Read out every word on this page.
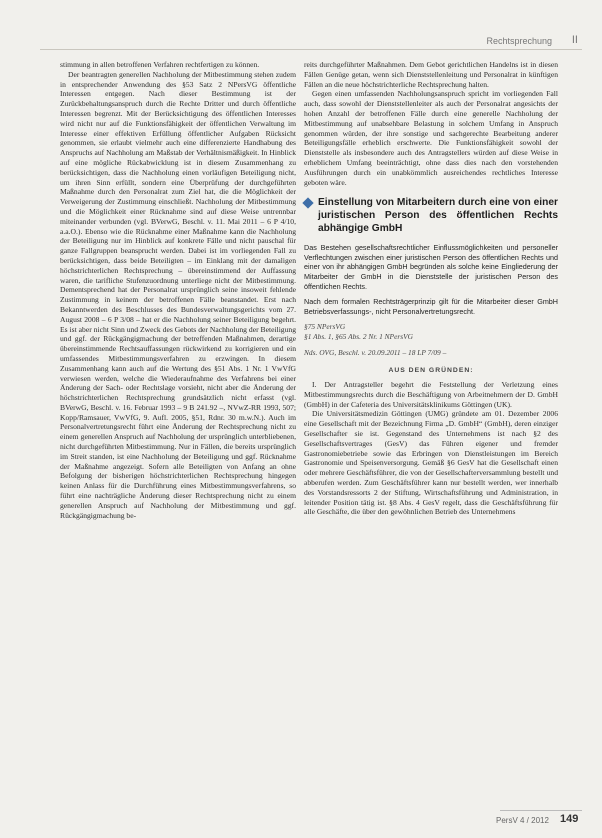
Rechtsprechung II

stimmung in allen betroffenen Verfahren rechtfertigen zu können.

Der beantragten generellen Nachholung der Mitbestimmung stehen zudem in entsprechender Anwendung des §53 Satz 2 NPersVG öffentliche Interessen entgegen. Nach dieser Bestimmung ist der Zurückbehaltungsanspruch durch die Rechte Dritter und durch öffentliche Interessen begrenzt. Mit der Berücksichtigung des öffentlichen Interesses wird nicht nur auf die Funktionsfähigkeit der öffentlichen Verwaltung im Interesse einer effektiven Erfüllung öffentlicher Aufgaben Rücksicht genommen, sie erlaubt vielmehr auch eine differenzierte Handhabung des Anspruchs auf Nachholung am Maßstab der Verhältnismäßigkeit. In Hinblick auf eine mögliche Rückabwicklung ist in diesem Zusammenhang zu berücksichtigen, dass die Nachholung einen vorläufigen Beteiligung nicht, um ihren Sinn erfüllt, sondern eine Überprüfung der durchgeführten Maßnahme durch den Personalrat zum Ziel hat, die die Möglichkeit der Verweigerung der Zustimmung einschließt. Nachholung der Mitbestimmung und die Möglichkeit einer Rücknahme sind auf diese Weise untrennbar miteinander verbunden (vgl. BVerwG, Beschl. v. 11. Mai 2011 – 6 P 4/10, a.a.O.). Ebenso wie die Rücknahme einer Maßnahme kann die Nachholung der Beteiligung nur im Hinblick auf konkrete Fälle und nicht pauschal für ganze Fallgruppen beansprucht werden. Dabei ist im vorliegenden Fall zu berücksichtigen, dass beide Beteiligten – im Einklang mit der damaligen höchstrichterlichen Rechtsprechung – übereinstimmend der Auffassung waren, die tarifliche Stufenzuordnung unterliege nicht der Mitbestimmung. Dementsprechend hat der Personalrat ursprünglich seine insoweit fehlende Zustimmung in keinem der betroffenen Fälle beanstandet. Erst nach Bekanntwerden des Beschlusses des Bundesverwaltungsgerichts vom 27. August 2008 – 6 P 3/08 – hat er die Nachholung seiner Beteiligung begehrt. Es ist aber nicht Sinn und Zweck des Gebots der Nachholung der Beteiligung und ggf. der Rückgängigmachung der betreffenden Maßnahmen, derartige übereinstimmende Rechtsauffassungen rückwirkend zu korrigieren und ein umfassendes Mitbestimmungsverfahren zu erzwingen. In diesem Zusammenhang kann auch auf die Wertung des §51 Abs. 1 Nr. 1 VwVfG verwiesen werden, welche die Wiederaufnahme des Verfahrens bei einer Änderung der Sach- oder Rechtslage vorsieht, nicht aber die Änderung der höchstrichterlichen Rechtsprechung grundsätzlich nicht erfasst (vgl. BVerwG, Beschl. v. 16. Februar 1993 – 9 B 241.92 –, NVwZ-RR 1993, 507; Kopp/Ramsauer, VwVfG, 9. Aufl. 2005, §51, Rdnr. 30 m.w.N.). Auch im Personalvertretungsrecht führt eine Änderung der Rechtsprechung nicht zu einem generellen Anspruch auf Nachholung der ursprünglich unterbliebenen, nicht durchgeführten Mitbestimmung. Nur in Fällen, die bereits ursprünglich im Streit standen, ist eine Nachholung der Beteiligung und ggf. Rücknahme der Maßnahme angezeigt. Sofern alle Beteiligten von Anfang an ohne Befolgung der bisherigen höchstrichterlichen Rechtsprechung hingegen keinen Anlass für die Durchführung eines Mitbestimmungsverfahrens, so führt eine nachträgliche Änderung dieser Rechtsprechung nicht zu einem generellen Anspruch auf Nachholung der Mitbestimmung und ggf. Rückgängigmachung be-

reits durchgeführter Maßnahmen. Dem Gebot gerichtlichen Handelns ist in diesen Fällen Genüge getan, wenn sich Dienststellenleitung und Personalrat in künftigen Fällen an die neue höchstrichterliche Rechtsprechung halten.

Gegen einen umfassenden Nachholungsanspruch spricht im vorliegenden Fall auch, dass sowohl der Dienststellenleiter als auch der Personalrat angesichts der hohen Anzahl der betroffenen Fälle durch eine generelle Nachholung der Mitbestimmung auf unabsehbare Belastung in solchem Umfang in Anspruch genommen würden, der ihre sonstige und sachgerechte Bearbeitung anderer Beteiligungsfälle erheblich erschwerte. Die Funktionsfähigkeit sowohl der Dienststelle als insbesondere auch des Antragstellers würden auf diese Weise in erheblichem Umfang beeinträchtigt, ohne dass dies nach den vorstehenden Ausführungen durch ein unabkömmlich ausreichendes rechtliches Interesse geboten wäre.

Einstellung von Mitarbeitern durch eine von einer juristischen Person des öffentlichen Rechts abhängige GmbH

Das Bestehen gesellschaftsrechtlicher Einflussmöglichkeiten und personeller Verflechtungen zwischen einer juristischen Person des öffentlichen Rechts und einer von ihr abhängigen GmbH begründen als solche keine Eingliederung der Mitarbeiter der GmbH in die Dienststelle der juristischen Person des öffentlichen Rechts.

Nach dem formalen Rechtsträgerprinzip gilt für die Mitarbeiter dieser GmbH Betriebsverfassungs-, nicht Personalvertretungsrecht.

§75 NPersVG
§1 Abs. 1, §65 Abs. 2 Nr. 1 NPersVG
Nds. OVG, Beschl. v. 20.09.2011 – 18 LP 7/09 –
AUS DEN GRÜNDEN:

I. Der Antragsteller begehrt die Feststellung der Verletzung eines Mitbestimmungsrechts durch die Beschäftigung von Arbeitnehmern der D. GmbH (GmbH) in der Cafeteria des Universitätsklinikums Göttingen (UK).

Die Universitätsmedizin Göttingen (UMG) gründete am 01. Dezember 2006 eine Gesellschaft mit der Bezeichnung Firma „D. GmbH“ (GmbH), deren einziger Gesellschafter sie ist. Gegenstand des Unternehmens ist nach §2 des Gesellschaftsvertrages (GesV) das Führen eigener und fremder Gastronomiebetriebe sowie das Erbringen von Dienstleistungen im Bereich Gastronomie und Speisenversorgung. Gemäß §6 GesV hat die Gesellschaft einen oder mehrere Geschäftsführer, die von der Gesellschafterversammlung bestellt und abberufen werden. Zum Geschäftsführer kann nur bestellt werden, wer innerhalb des Vorstandsressorts 2 der Stiftung, Wirtschaftsführung und Administration, in leitender Position tätig ist. §8 Abs. 4 GesV regelt, dass die Geschäftsführung für alle Geschäfte, die über den gewöhnlichen Betrieb des Unternehmens

PersV 4 / 2012 149
